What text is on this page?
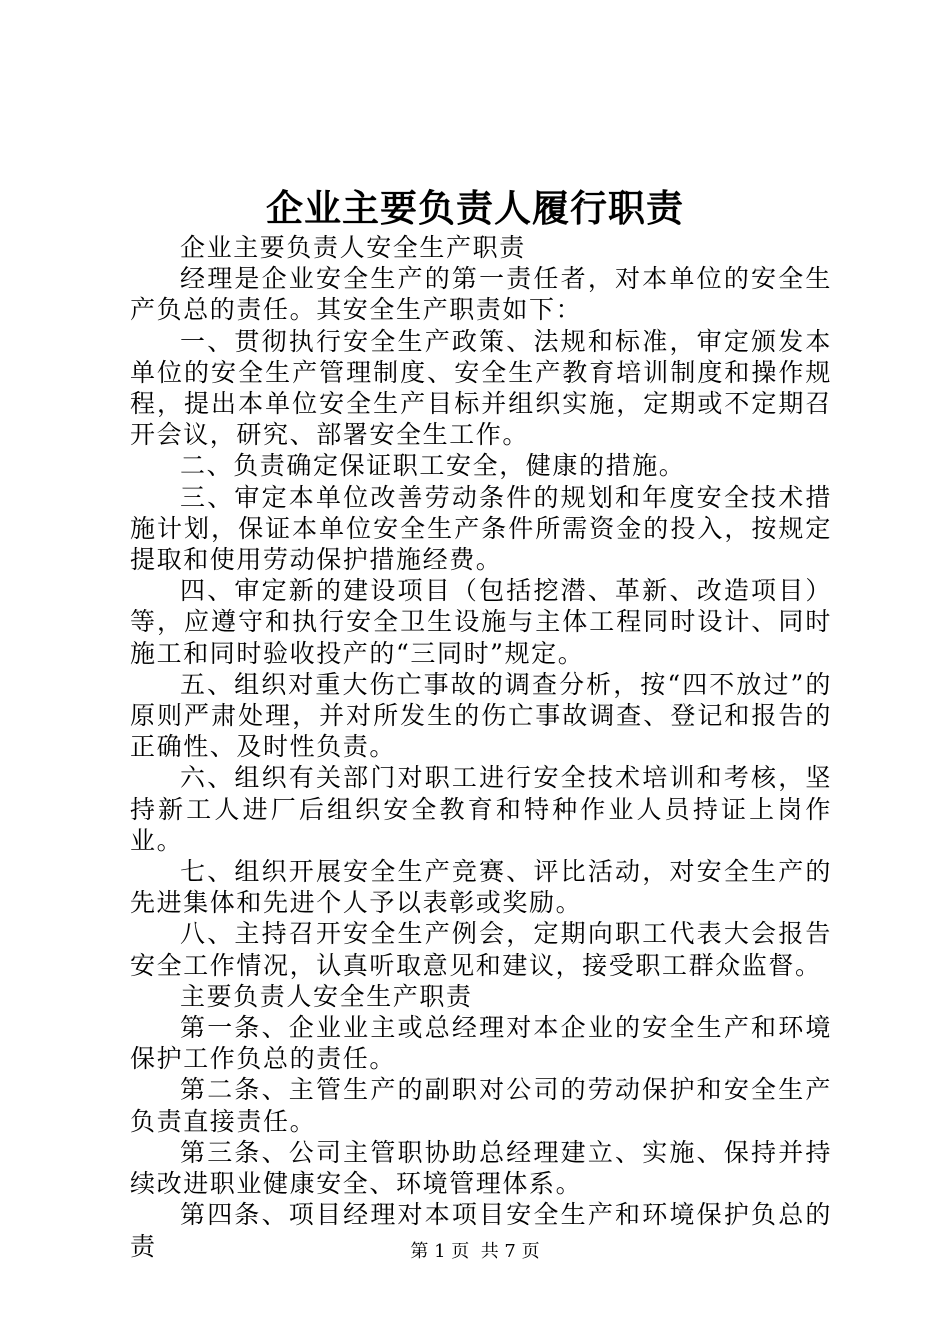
企业主要负责人履行职责

企业主要负责人安全生产职责

经理是企业安全生产的第一责任者，对本单位的安全生产负总的责任。其安全生产职责如下：

一、贯彻执行安全生产政策、法规和标准，审定颁发本单位的安全生产管理制度、安全生产教育培训制度和操作规程，提出本单位安全生产目标并组织实施，定期或不定期召开会议，研究、部署安全生工作。

二、负责确定保证职工安全，健康的措施。

三、审定本单位改善劳动条件的规划和年度安全技术措施计划，保证本单位安全生产条件所需资金的投入，按规定提取和使用劳动保护措施经费。

四、审定新的建设项目（包括挖潜、革新、改造项目）等，应遵守和执行安全卫生设施与主体工程同时设计、同时施工和同时验收投产的“三同时”规定。

五、组织对重大伤亡事故的调查分析，按“四不放过”的原则严肃处理，并对所发生的伤亡事故调查、登记和报告的正确性、及时性负责。

六、组织有关部门对职工进行安全技术培训和考核，坚持新工人进厂后组织安全教育和特种作业人员持证上岗作业。

七、组织开展安全生产竞赛、评比活动，对安全生产的先进集体和先进个人予以表彰或奖励。

八、主持召开安全生产例会，定期向职工代表大会报告安全工作情况，认真听取意见和建议，接受职工群众监督。

主要负责人安全生产职责

第一条、企业业主或总经理对本企业的安全生产和环境保护工作负总的责任。

第二条、主管生产的副职对公司的劳动保护和安全生产负责直接责任。

第三条、公司主管职协助总经理建立、实施、保持并持续改进职业健康安全、环境管理体系。

第四条、项目经理对本项目安全生产和环境保护负总的责	第 1 页  共 7 页
